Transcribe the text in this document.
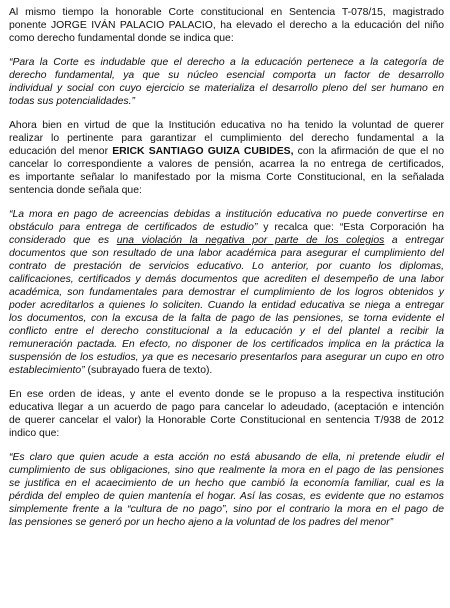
Al mismo tiempo la honorable Corte constitucional en Sentencia T-078/15, magistrado
ponente JORGE IVÁN PALACIO PALACIO, ha elevado el derecho a la educación del niño
como derecho fundamental donde se indica que:
“Para la Corte es indudable que el derecho a la educación pertenece a la categoría de
derecho fundamental, ya que su núcleo esencial comporta un factor de desarrollo
individual y social con cuyo ejercicio se materializa el desarrollo pleno del ser humano en
todas sus potencialidades.”
Ahora bien en virtud de que la Institución educativa no ha tenido la voluntad de querer
realizar lo pertinente para garantizar el cumplimiento del derecho fundamental a la
educación del menor ERICK SANTIAGO GUIZA CUBIDES, con la afirmación de que el no
cancelar lo correspondiente a valores de pensión, acarrea la no entrega de certificados,
es importante señalar lo manifestado por la misma Corte Constitucional, en la señalada
sentencia donde señala que:
“La mora en pago de acreencias debidas a institución educativa no puede convertirse en
obstáculo para entrega de certificados de estudio” y recalca que: “Esta Corporación ha
considerado que es una violación la negativa por parte de los colegios a entregar
documentos que son resultado de una labor académica para asegurar el cumplimiento del
contrato de prestación de servicios educativo. Lo anterior, por cuanto los diplomas,
calificaciones, certificados y demás documentos que acrediten el desempeño de una labor
académica, son fundamentales para demostrar el cumplimiento de los logros obtenidos y
poder acreditarlos a quienes lo soliciten. Cuando la entidad educativa se niega a entregar
los documentos, con la excusa de la falta de pago de las pensiones, se torna evidente el
conflicto entre el derecho constitucional a la educación y el del plantel a recibir la
remuneración pactada. En efecto, no disponer de los certificados implica en la práctica la
suspensión de los estudios, ya que es necesario presentarlos para asegurar un cupo en otro
establecimiento” (subrayado fuera de texto).
En ese orden de ideas, y ante el evento donde se le propuso a la respectiva institución
educativa llegar a un acuerdo de pago para cancelar lo adeudado, (aceptación e intención
de querer cancelar el valor) la Honorable Corte Constitucional en sentencia T/938 de 2012
indico que:
“Es claro que quien acude a esta acción no está abusando de ella, ni pretende eludir el
cumplimiento de sus obligaciones, sino que realmente la mora en el pago de las pensiones
se justifica en el acaecimiento de un hecho que cambió la economía familiar, cual es la
pérdida del empleo de quien mantenía el hogar. Así las cosas, es evidente que no estamos
simplemente frente a la “cultura de no pago”, sino por el contrario la mora en el pago de
las pensiones se generó por un hecho ajeno a la voluntad de los padres del menor”
